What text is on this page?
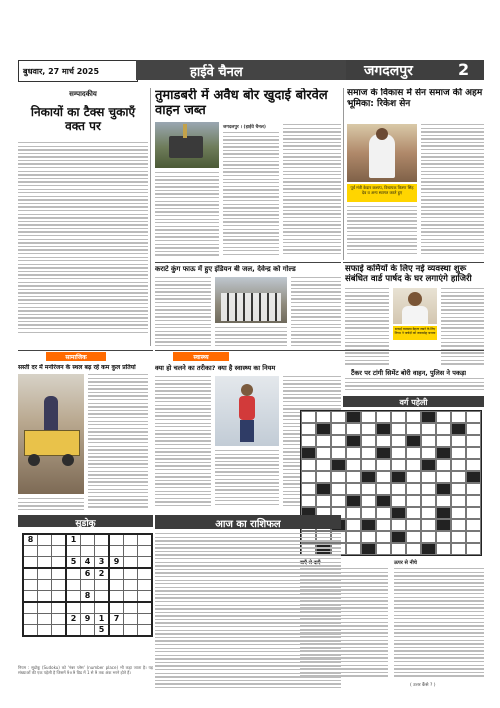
बुधवार, 27 मार्च 2025	हाईवे चैनल	जगदलपुर	2
सम्पादकीय
निकायों का टैक्स चुकाएँ वक्त पर
तुमाडबरी में अवैध बोर खुदाई बोरवेल वाहन जब्त
जगदलपुर । (हाईवे चैनल)
समाज के विकास में सेन समाज की अहम भूमिका: रिकेश सेन
पूर्व मंत्री केदार कश्यप, विधायक किरण सिंह देव व अन्य स्वागत करते हुए
कराटे कुंग फाऊ में हुए इंडियन बी जल, देवेन्द्र को गोल्ड	सफाई कर्मियों के लिए नई व्यवस्था शुरू संबंधित वार्ड पार्षद के घर लगाएंगे हाजिरी
सफाई व्यवस्था बेहतर रखने के लिए निगम ने पार्षदों को जवाबदेह बनाया
टैंकर पर टांगी सिमेंट बोरी वाहन, पुलिस ने पकड़ा
सामाजिक
सस्ती दर में मनोरंजन के स्थल बढ़ रहे कम कुल प्रतियां
स्वास्थ्य
क्या हो चलने का तरीका? क्या है स्वास्थ्य का नियम
वर्ग पहेली
ऊपर से नीचे
( उत्तर कैंसे ? )
सुडोकू
8			1					

			5	4	3	9		
				6	2			

				8				

			2	9	1	7		
					5			
नियम : सुडोकू (Sudoku) को 'नंबर प्लेस' (number place) भी कहा जाता है। यह संख्याओं की एक पहेली है जिसमें 9×9 ग्रिड में 1 से 9 तक अंक भरने होते हैं।
आज का राशिफल
